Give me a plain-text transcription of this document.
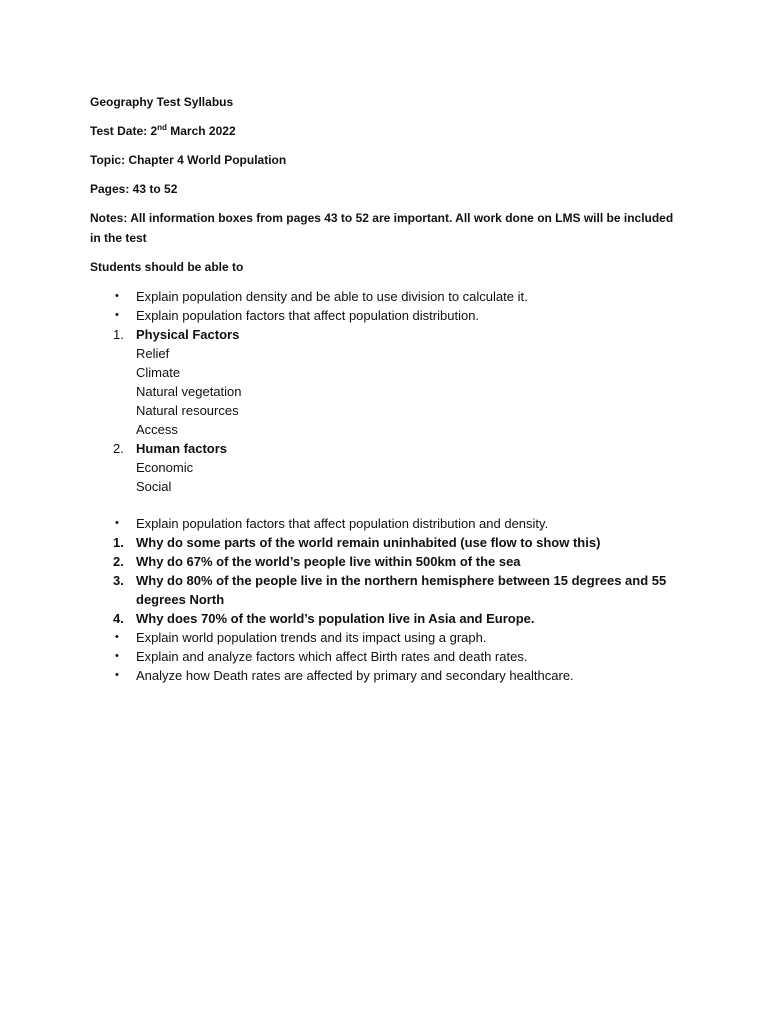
Geography Test Syllabus

Test Date: 2nd March 2022

Topic: Chapter 4 World Population

Pages: 43 to 52

Notes: All information boxes from pages 43 to 52 are important. All work done on LMS will be included in the test

Students should be able to

•	Explain population density and be able to use division to calculate it.
•	Explain population factors that affect population distribution.
1. Physical Factors
Relief
Climate
Natural vegetation
Natural resources
Access
2. Human factors
Economic
Social
•	Explain population factors that affect population distribution and density.
1. Why do some parts of the world remain uninhabited (use flow to show this)
2. Why do 67% of the world’s people live within 500km of the sea
3. Why do 80% of the people live in the northern hemisphere between 15 degrees and 55 degrees North
4. Why does 70% of the world’s population live in Asia and Europe.
•	Explain world population trends and its impact using a graph.
•	Explain and analyze factors which affect Birth rates and death rates.
•	Analyze how Death rates are affected by primary and secondary healthcare.
